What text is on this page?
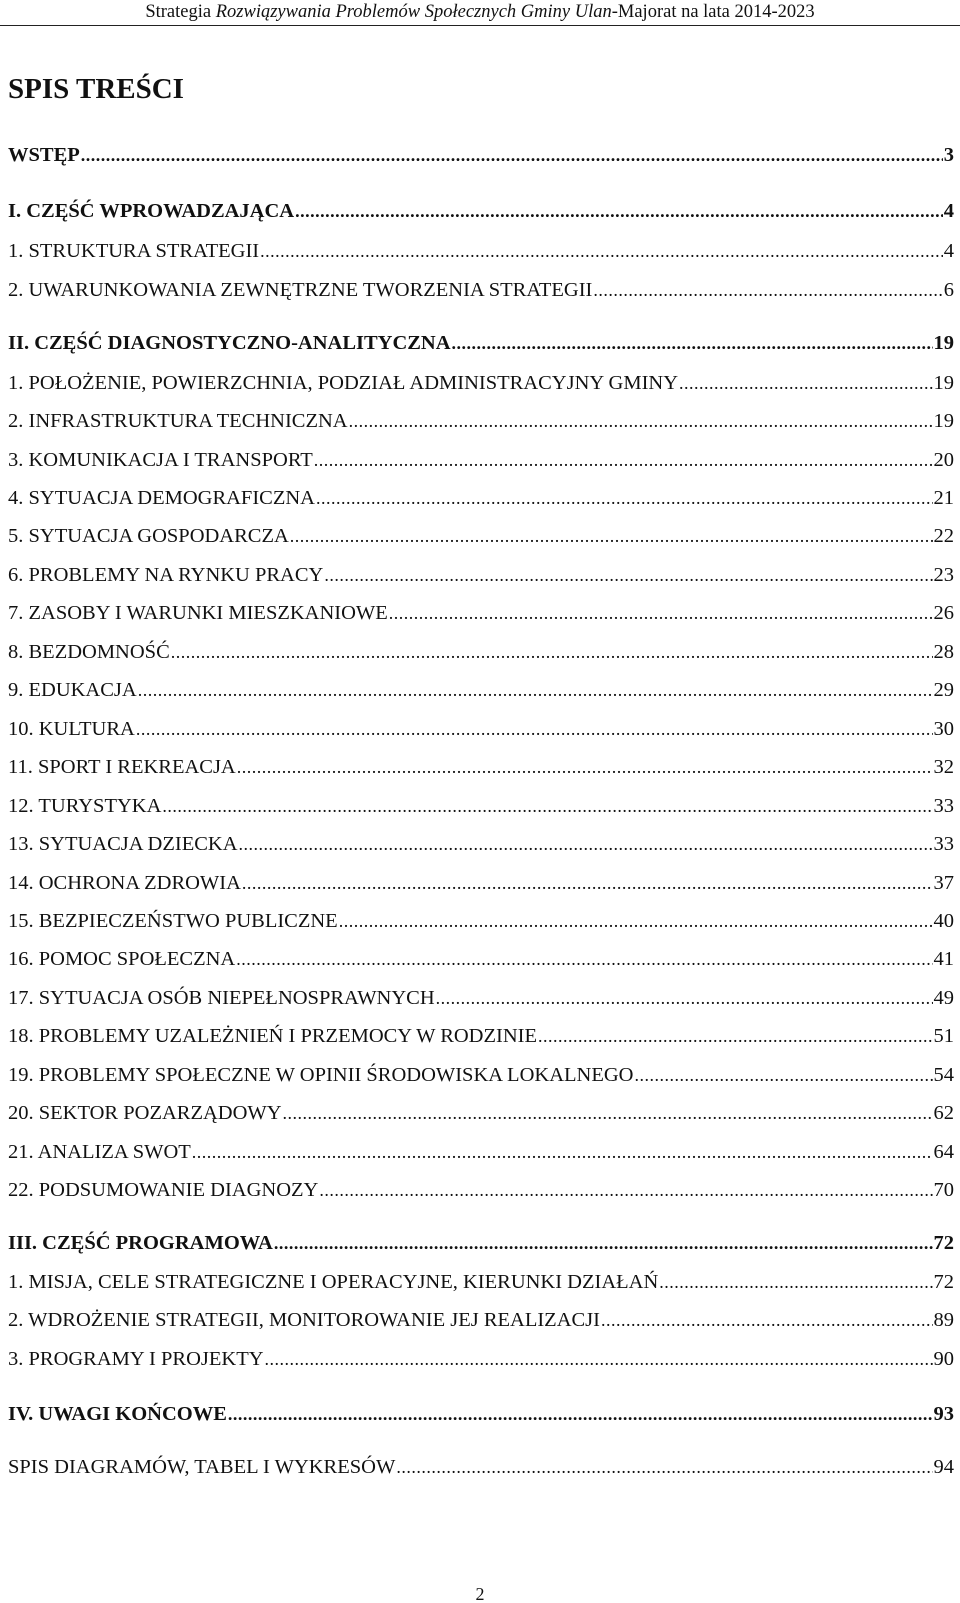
Strategia Rozwiązywania Problemów Społecznych Gminy Ulan-Majorat na lata 2014-2023
SPIS TREŚCI
WSTĘP .....	3
I. CZĘŚĆ WPROWADZAJĄCA .....	4
1. STRUKTURA STRATEGII .....	4
2. UWARUNKOWANIA ZEWNĘTRZNE TWORZENIA STRATEGII .....	6
II. CZĘŚĆ DIAGNOSTYCZNO-ANALITYCZNA .....	19
1. POŁOŻENIE, POWIERZCHNIA, PODZIAŁ ADMINISTRACYJNY GMINY .....	19
2. INFRASTRUKTURA TECHNICZNA .....	19
3. KOMUNIKACJA I TRANSPORT .....	20
4. SYTUACJA DEMOGRAFICZNA .....	21
5. SYTUACJA GOSPODARCZA .....	22
6. PROBLEMY NA RYNKU PRACY .....	23
7. ZASOBY I WARUNKI MIESZKANIOWE .....	26
8. BEZDOMNOŚĆ .....	28
9. EDUKACJA .....	29
10. KULTURA .....	30
11. SPORT I REKREACJA .....	32
12. TURYSTYKA .....	33
13. SYTUACJA DZIECKA .....	33
14. OCHRONA ZDROWIA .....	37
15. BEZPIECZEŃSTWO PUBLICZNE .....	40
16. POMOC SPOŁECZNA .....	41
17. SYTUACJA OSÓB NIEPEŁNOSPRAWNYCH .....	49
18. PROBLEMY UZALEŻNIEŃ I PRZEMOCY W RODZINIE .....	51
19. PROBLEMY SPOŁECZNE W OPINII ŚRODOWISKA LOKALNEGO .....	54
20. SEKTOR POZARZĄDOWY .....	62
21. ANALIZA SWOT .....	64
22. PODSUMOWANIE DIAGNOZY .....	70
III. CZĘŚĆ PROGRAMOWA .....	72
1. MISJA, CELE STRATEGICZNE I OPERACYJNE, KIERUNKI DZIAŁAŃ .....	72
2. WDROŻENIE STRATEGII, MONITOROWANIE JEJ REALIZACJI .....	89
3. PROGRAMY I PROJEKTY .....	90
IV. UWAGI KOŃCOWE .....	93
SPIS DIAGRAMÓW, TABEL I WYKRESÓW .....	94
2
